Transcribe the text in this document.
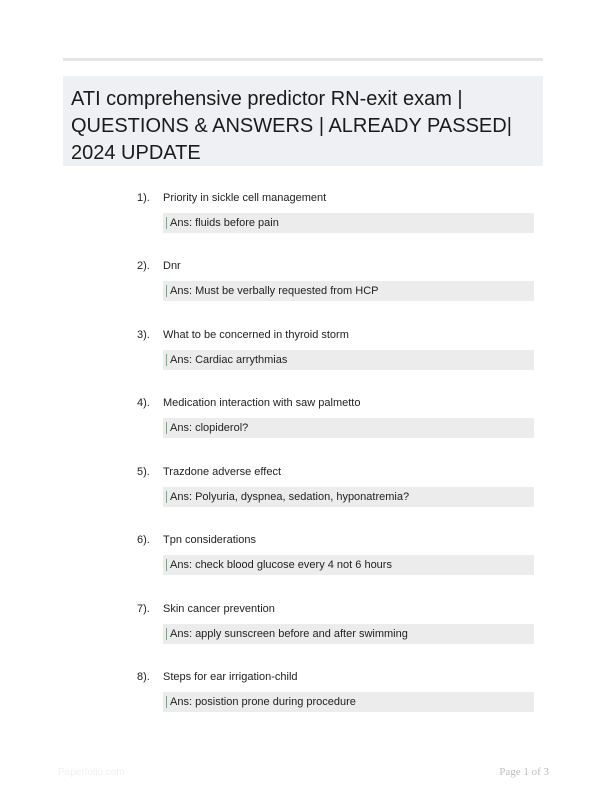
ATI comprehensive predictor RN-exit exam | QUESTIONS & ANSWERS | ALREADY PASSED| 2024 UPDATE
1). Priority in sickle cell management
Ans: fluids before pain
2). Dnr
Ans: Must be verbally requested from HCP
3). What to be concerned in thyroid storm
Ans: Cardiac arrythmias
4). Medication interaction with saw palmetto
Ans: clopiderol?
5). Trazdone adverse effect
Ans: Polyuria, dyspnea, sedation, hyponatremia?
6). Tpn considerations
Ans: check blood glucose every 4 not 6 hours
7). Skin cancer prevention
Ans: apply sunscreen before and after swimming
8). Steps for ear irrigation-child
Ans: posistion prone during procedure
Paperfolio.com	Page 1 of 3
